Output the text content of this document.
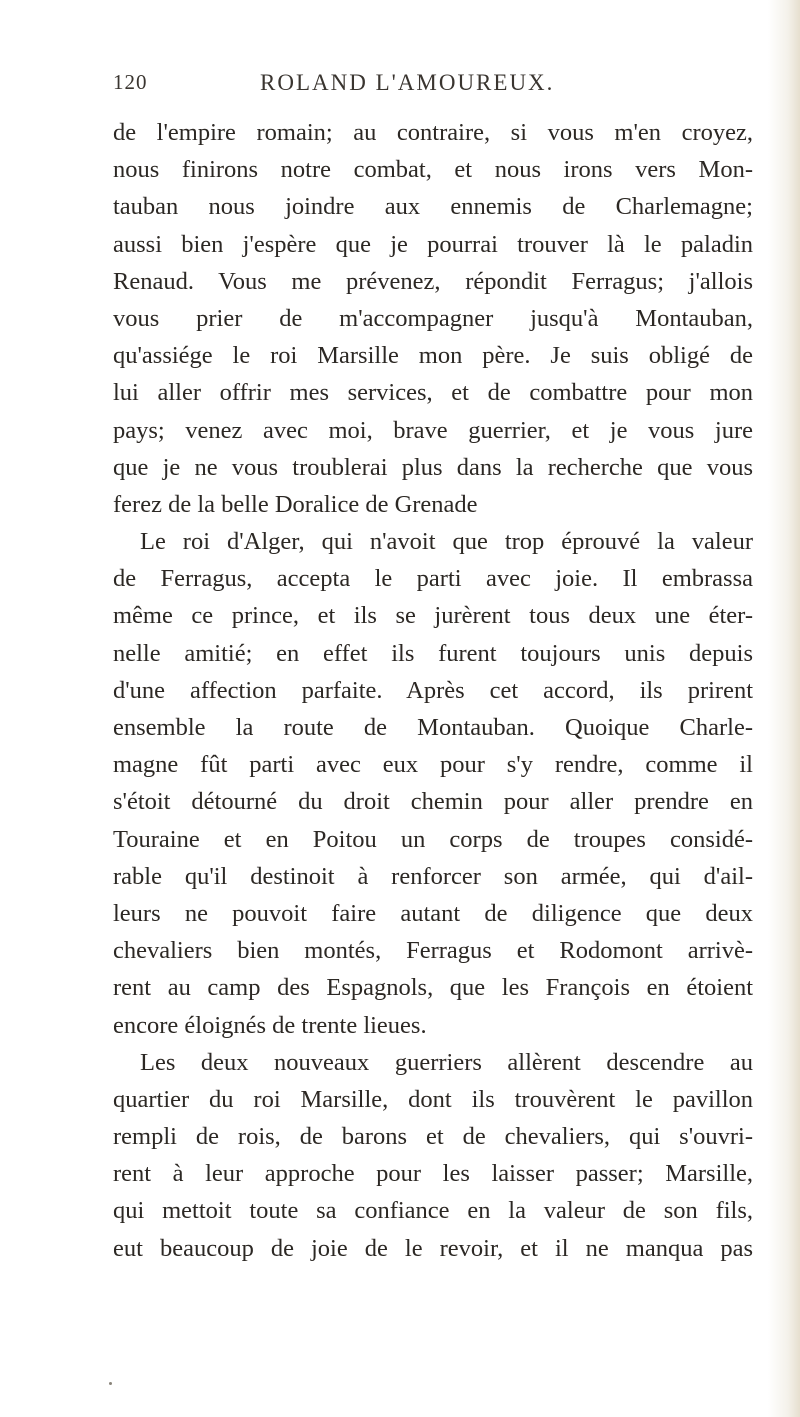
120	ROLAND L'AMOUREUX.
de l'empire romain; au contraire, si vous m'en croyez,
nous finirons notre combat, et nous irons vers Mon-
tauban nous joindre aux ennemis de Charlemagne;
aussi bien j'espère que je pourrai trouver là le paladin
Renaud. Vous me prévenez, répondit Ferragus; j'allois
vous prier de m'accompagner jusqu'à Montauban,
qu'assiége le roi Marsille mon père. Je suis obligé de
lui aller offrir mes services, et de combattre pour mon
pays; venez avec moi, brave guerrier, et je vous jure
que je ne vous troublerai plus dans la recherche que vous
ferez de la belle Doralice de Grenade
Le roi d'Alger, qui n'avoit que trop éprouvé la valeur
de Ferragus, accepta le parti avec joie. Il embrassa
même ce prince, et ils se jurèrent tous deux une éter-
nelle amitié; en effet ils furent toujours unis depuis
d'une affection parfaite. Après cet accord, ils prirent
ensemble la route de Montauban. Quoique Charle-
magne fût parti avec eux pour s'y rendre, comme il
s'étoit détourné du droit chemin pour aller prendre en
Touraine et en Poitou un corps de troupes considé-
rable qu'il destinoit à renforcer son armée, qui d'ail-
leurs ne pouvoit faire autant de diligence que deux
chevaliers bien montés, Ferragus et Rodomont arrivè-
rent au camp des Espagnols, que les François en étoient
encore éloignés de trente lieues.
Les deux nouveaux guerriers allèrent descendre au
quartier du roi Marsille, dont ils trouvèrent le pavillon
rempli de rois, de barons et de chevaliers, qui s'ouvri-
rent à leur approche pour les laisser passer; Marsille,
qui mettoit toute sa confiance en la valeur de son fils,
eut beaucoup de joie de le revoir, et il ne manqua pas
